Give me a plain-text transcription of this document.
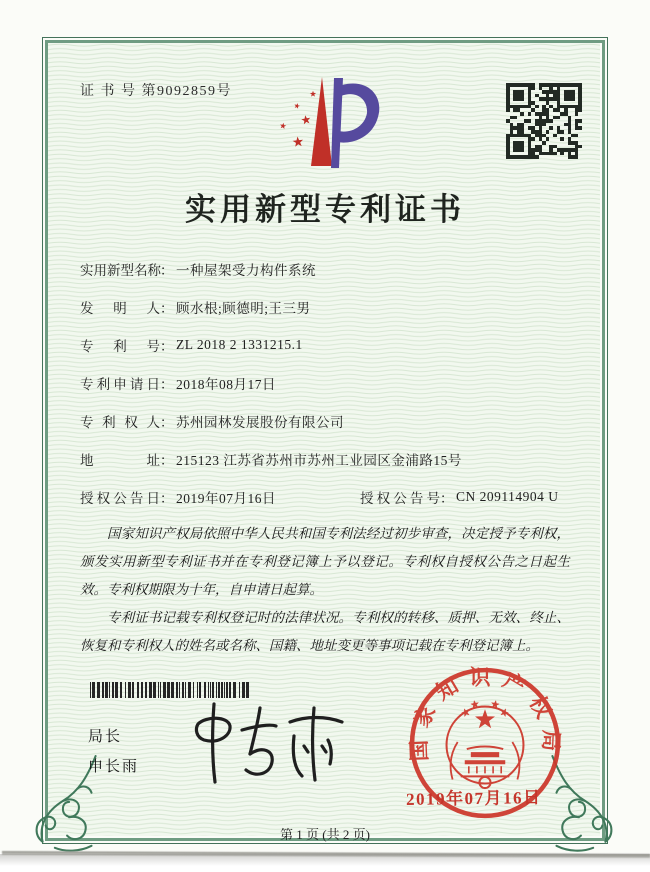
证 书 号 第9092859号
实用新型专利证书
实用新型名称 ： 一种屋架受力构件系统
发明人 ： 顾水根;顾德明;王三男
专利号 ： ZL 2018 2 1331215.1
专利申请日 ： 2018年08月17日
专利权人 ： 苏州园林发展股份有限公司
地址 ： 215123 江苏省苏州市苏州工业园区金浦路15号
授权公告日 ： 2019年07月16日	授权公告号 ： CN 209114904 U

国家知识产权局依照中华人民共和国专利法经过初步审查，决定授予专利权，颁发实用新型专利证书并在专利登记簿上予以登记。专利权自授权公告之日起生效。专利权期限为十年，自申请日起算。

专利证书记载专利权登记时的法律状况。专利权的转移、质押、无效、终止、恢复和专利权人的姓名或名称、国籍、地址变更等事项记载在专利登记簿上。

局长
申长雨
国家知识产权局
2019年07月16日
第 1 页 (共 2 页)
